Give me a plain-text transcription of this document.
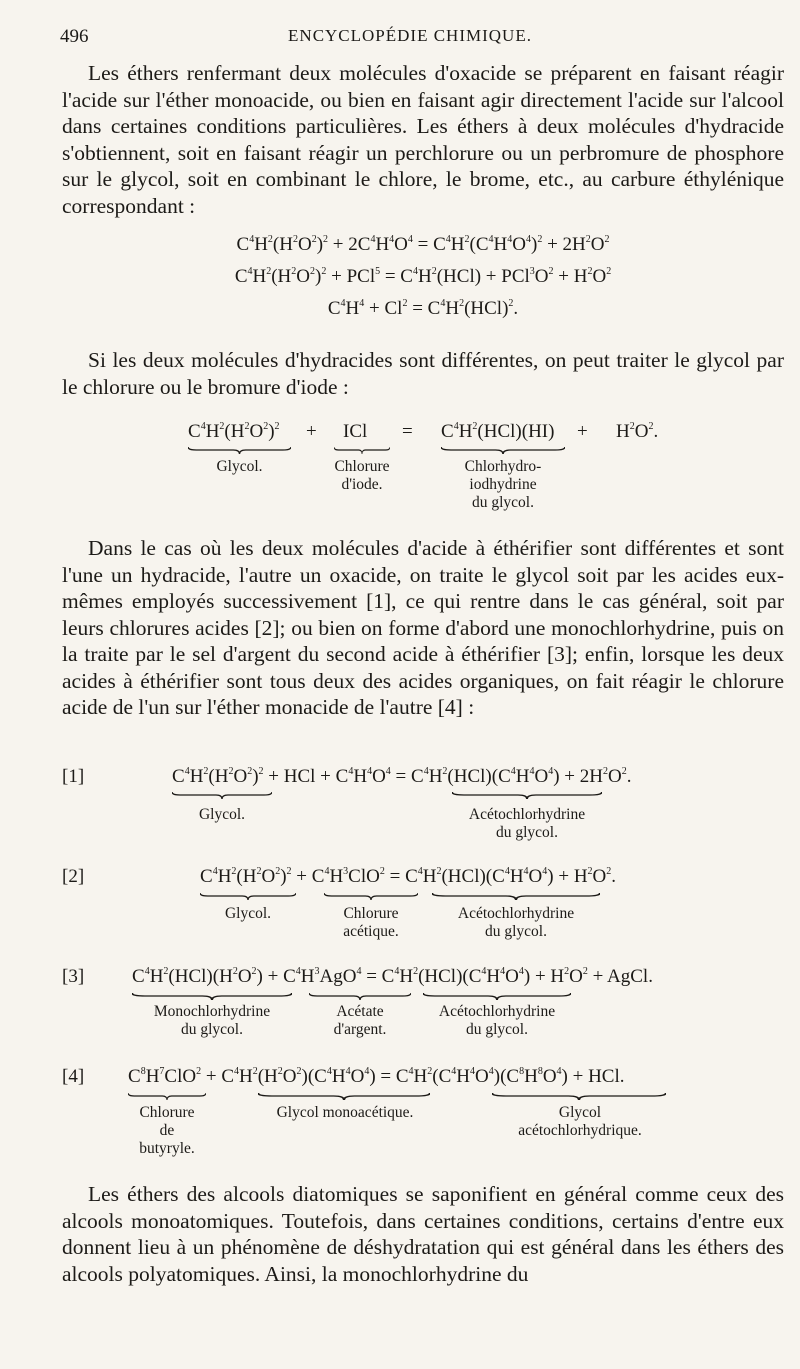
496	ENCYCLOPÉDIE CHIMIQUE.

Les éthers renfermant deux molécules d'oxacide se préparent en faisant réagir l'acide sur l'éther monoacide, ou bien en faisant agir directement l'acide sur l'alcool dans certaines conditions particulières. Les éthers à deux molécules d'hydracide s'obtiennent, soit en faisant réagir un perchlorure ou un perbromure de phosphore sur le glycol, soit en combinant le chlore, le brome, etc., au carbure éthylénique correspondant :

$C^4H^2(H^2O^2)^2 + 2C^4H^4O^4 = C^4H^2(C^4H^4O^4)^2 + 2H^2O^2$
$C^4H^2(H^2O^2)^2 + PCl^5 = C^4H^2(HCl) + PCl^3O^2 + H^2O^2$
$C^4H^4 + Cl^2 = C^4H^2(HCl)^2$.

Si les deux molécules d'hydracides sont différentes, on peut traiter le glycol par le chlorure ou le bromure d'iode :

$C^4H^2(H^2O^2)^2$ + ICl = $C^4H^2(HCl)(HI) + H^2O^2$.
Glycol.	Chlorure
d'iode.
Chlorhydro-
iodhydrine
du glycol.

Dans le cas où les deux molécules d'acide à éthérifier sont différentes et sont l'une un hydracide, l'autre un oxacide, on traite le glycol soit par les acides eux-mêmes employés successivement [1], ce qui rentre dans le cas général, soit par leurs chlorures acides [2]; ou bien on forme d'abord une monochlorhydrine, puis on la traite par le sel d'argent du second acide à éthérifier [3]; enfin, lorsque les deux acides à éthérifier sont tous deux des acides organiques, on fait réagir le chlorure acide de l'un sur l'éther monacide de l'autre [4] :

[1]	$C^4H^2(H^2O^2)^2$ + HCl + $C^4H^4O^4 = C^4H^2(HCl)(C^4H^4O^4) + 2H^2O^2$.
Glycol.	Acétochlorhydrine
du glycol.
[2]	$C^4H^2(H^2O^2)^2 + C^4H^3ClO^2 = C^4H^2(HCl)(C^4H^4O^4) + H^2O^2$.
Glycol.	Chlorure
acétique.
Acétochlorhydrine
du glycol.
[3]	$C^4H^2(HCl)(H^2O^2) + C^4H^3AgO^4 = C^4H^2(HCl)(C^4H^4O^4) + H^2O^2$ + AgCl.
Monochlorhydrine
du glycol.
Acétate
d'argent.
Acétochlorhydrine
du glycol.
[4] $C^8H^7ClO^2 + C^4H^2(H^2O^2)(C^4H^4O^4) = C^4H^2(C^4H^4O^4)(C^8H^8O^4)$ + HCl.
Chlorure
de
butyryle.
Glycol monoacétique.	Glycol
acétochlorhydrique.

Les éthers des alcools diatomiques se saponifient en général comme ceux des alcools monoatomiques. Toutefois, dans certaines conditions, certains d'entre eux donnent lieu à un phénomène de déshydratation qui est général dans les éthers des alcools polyatomiques. Ainsi, la monochlorhydrine du
